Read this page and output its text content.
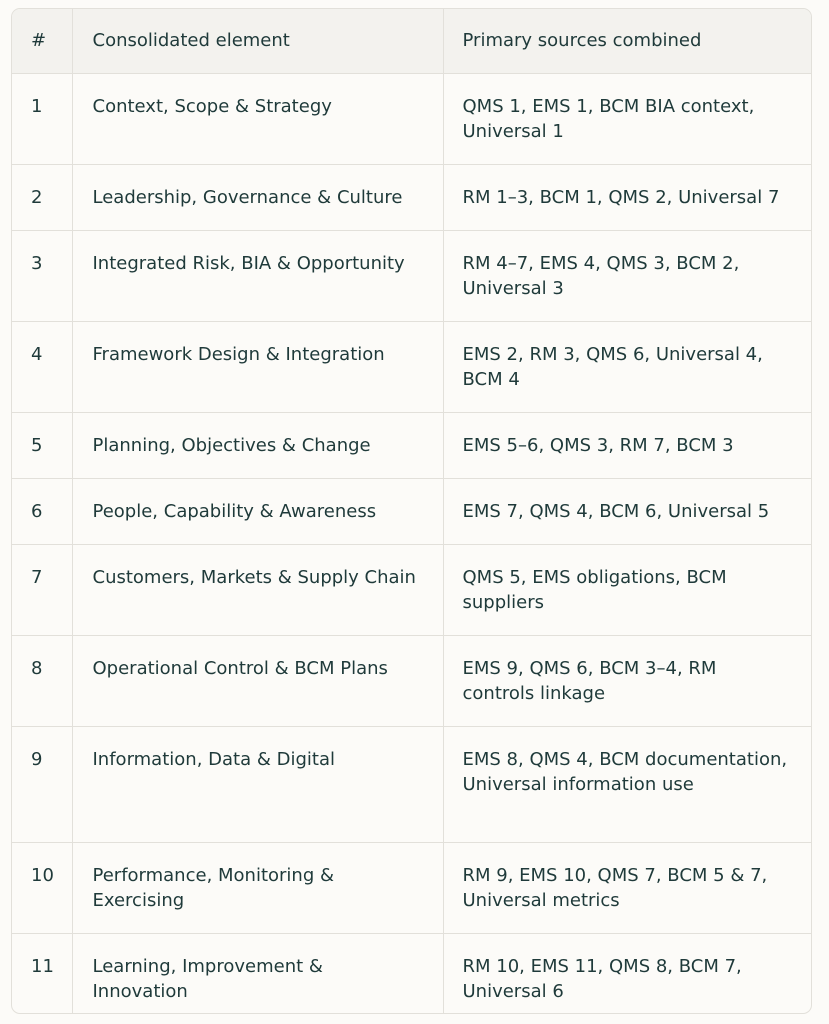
#	Consolidated element	Primary sources combined
1	Context, Scope & Strategy	QMS 1, EMS 1, BCM BIA context, Universal 1
2	Leadership, Governance & Culture	RM 1–3, BCM 1, QMS 2, Universal 7
3	Integrated Risk, BIA & Opportunity	RM 4–7, EMS 4, QMS 3, BCM 2, Universal 3
4	Framework Design & Integration	EMS 2, RM 3, QMS 6, Universal 4, BCM 4
5	Planning, Objectives & Change	EMS 5–6, QMS 3, RM 7, BCM 3
6	People, Capability & Awareness	EMS 7, QMS 4, BCM 6, Universal 5
7	Customers, Markets & Supply Chain	QMS 5, EMS obligations, BCM suppliers
8	Operational Control & BCM Plans	EMS 9, QMS 6, BCM 3–4, RM controls linkage
9	Information, Data & Digital	EMS 8, QMS 4, BCM documentation, Universal information use
10	Performance, Monitoring & Exercising	RM 9, EMS 10, QMS 7, BCM 5 & 7, Universal metrics
11	Learning, Improvement & Innovation	RM 10, EMS 11, QMS 8, BCM 7, Universal 6
